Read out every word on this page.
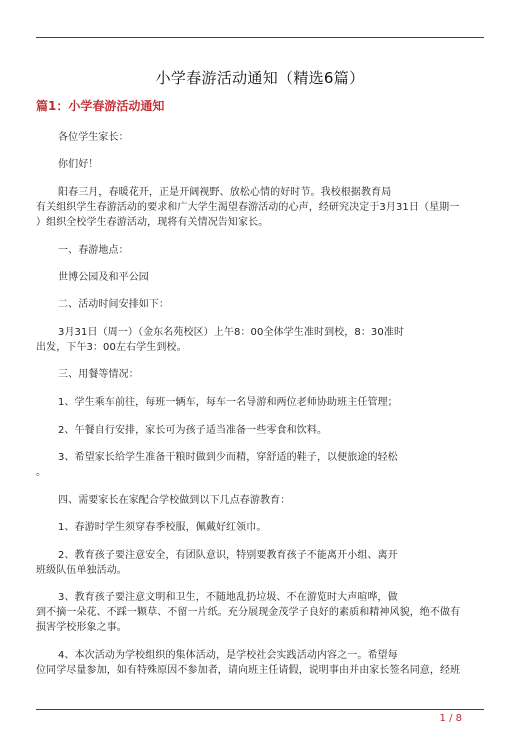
小学春游活动通知（精选6篇）
篇1：小学春游活动通知
各位学生家长：
你们好！
阳春三月，春暖花开，正是开阔视野、放松心情的好时节。我校根据教育局
有关组织学生春游活动的要求和广大学生渴望春游活动的心声，经研究决定于3月31日（星期一
）组织全校学生春游活动，现将有关情况告知家长。
一、春游地点：
世博公园及和平公园
二、活动时间安排如下：
3月31日（周一）（金东名苑校区）上午8：00全体学生准时到校，8：30准时
出发，下午3：00左右学生到校。
三、用餐等情况：
1、学生乘车前往，每班一辆车，每车一名导游和两位老师协助班主任管理；
2、午餐自行安排，家长可为孩子适当准备一些零食和饮料。
3、希望家长给学生准备干粮时做到少而精，穿舒适的鞋子，以便旅途的轻松
。
四、需要家长在家配合学校做到以下几点春游教育：
1、春游时学生须穿春季校服，佩戴好红领巾。
2、教育孩子要注意安全，有团队意识，特别要教育孩子不能离开小组、离开
班级队伍单独活动。
3、教育孩子要注意文明和卫生，不随地乱扔垃圾、不在游览时大声喧哗，做
到不摘一朵花、不踩一颗草、不留一片纸。充分展现金茂学子良好的素质和精神风貌，绝不做有
损害学校形象之事。
4、本次活动为学校组织的集体活动，是学校社会实践活动内容之一。希望每
位同学尽量参加，如有特殊原因不参加者，请向班主任请假，说明事由并由家长签名同意，经班
1 / 8
